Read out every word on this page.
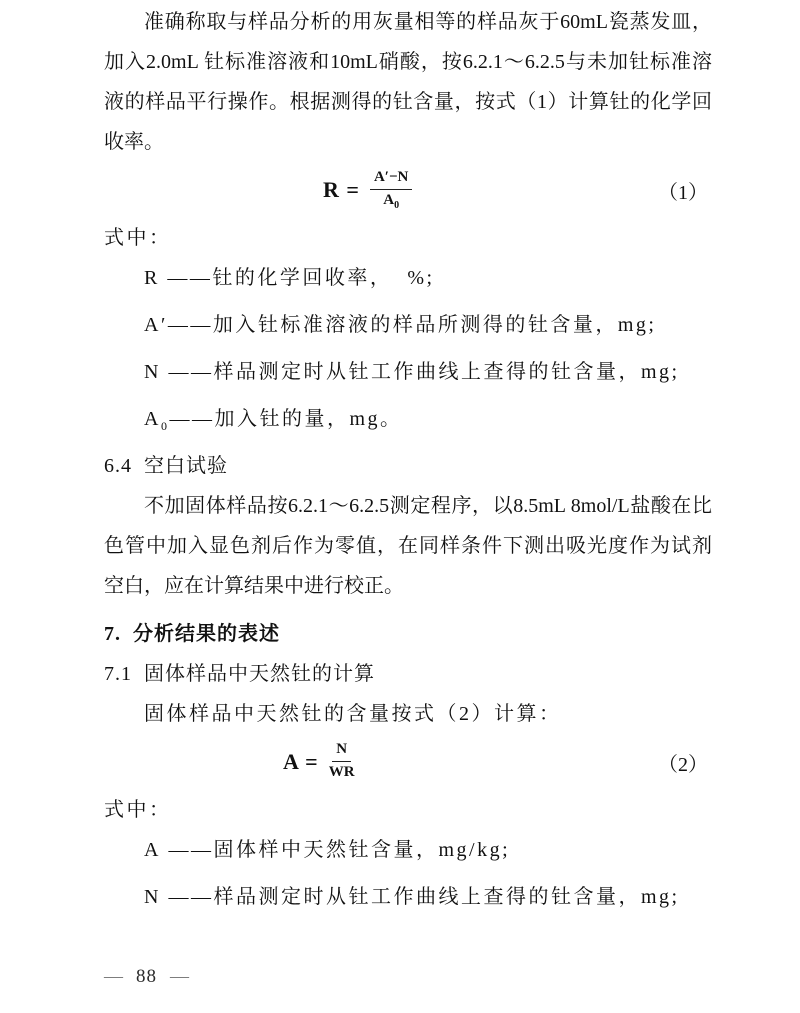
准确称取与样品分析的用灰量相等的样品灰于60mL瓷蒸发皿，
加入2.0mL 钍标准溶液和10mL硝酸，按6.2.1～6.2.5与未加钍标准溶
液的样品平行操作。根据测得的钍含量，按式（1）计算钍的化学回
收率。
$R = \frac{A'-N}{A_0}$	（1）
式中：
R ——钍的化学回收率，  %;
A′——加入钍标准溶液的样品所测得的钍含量，mg;
N ——样品测定时从钍工作曲线上查得的钍含量，mg;
$A_0——$加入钍的量，mg。
6.4  空白试验
不加固体样品按6.2.1～6.2.5测定程序，以8.5mL 8mol/L盐酸在比
色管中加入显色剂后作为零值，在同样条件下测出吸光度作为试剂
空白，应在计算结果中进行校正。
7.  分析结果的表述
7.1  固体样品中天然钍的计算
固体样品中天然钍的含量按式（2）计算：
$A = \frac{N}{WR}$	（2）
式中：
A ——固体样中天然钍含量，mg/kg;
N ——样品测定时从钍工作曲线上查得的钍含量，mg;
— 88 —
